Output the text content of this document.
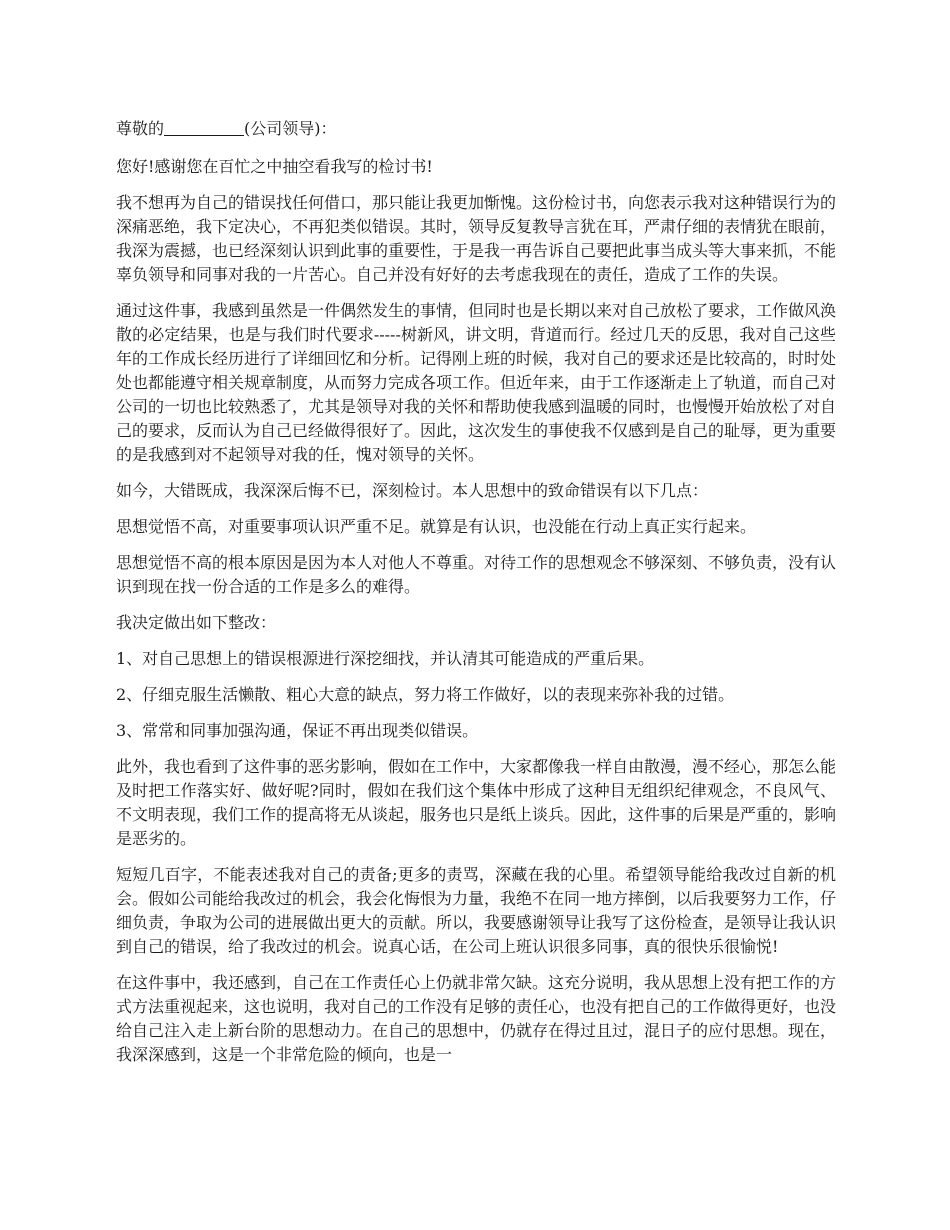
尊敬的	(公司领导)：

您好!感谢您在百忙之中抽空看我写的检讨书!

我不想再为自己的错误找任何借口，那只能让我更加惭愧。这份检讨书，向您表示我对这种错误行为的深痛恶绝，我下定决心，不再犯类似错误。其时，领导反复教导言犹在耳，严肃仔细的表情犹在眼前，我深为震撼，也已经深刻认识到此事的重要性，于是我一再告诉自己要把此事当成头等大事来抓，不能辜负领导和同事对我的一片苦心。自己并没有好好的去考虑我现在的责任，造成了工作的失误。

通过这件事，我感到虽然是一件偶然发生的事情，但同时也是长期以来对自己放松了要求，工作做风涣散的必定结果，也是与我们时代要求-----树新风，讲文明，背道而行。经过几天的反思，我对自己这些年的工作成长经历进行了详细回忆和分析。记得刚上班的时候，我对自己的要求还是比较高的，时时处处也都能遵守相关规章制度，从而努力完成各项工作。但近年来，由于工作逐渐走上了轨道，而自己对公司的一切也比较熟悉了，尤其是领导对我的关怀和帮助使我感到温暖的同时，也慢慢开始放松了对自己的要求，反而认为自己已经做得很好了。因此，这次发生的事使我不仅感到是自己的耻辱，更为重要的是我感到对不起领导对我的任，愧对领导的关怀。

如今，大错既成，我深深后悔不已，深刻检讨。本人思想中的致命错误有以下几点：

思想觉悟不高，对重要事项认识严重不足。就算是有认识，也没能在行动上真正实行起来。

思想觉悟不高的根本原因是因为本人对他人不尊重。对待工作的思想观念不够深刻、不够负责，没有认识到现在找一份合适的工作是多么的难得。

我决定做出如下整改：

1、对自己思想上的错误根源进行深挖细找，并认清其可能造成的严重后果。

2、仔细克服生活懒散、粗心大意的缺点，努力将工作做好，以的表现来弥补我的过错。

3、常常和同事加强沟通，保证不再出现类似错误。

此外，我也看到了这件事的恶劣影响，假如在工作中，大家都像我一样自由散漫，漫不经心，那怎么能及时把工作落实好、做好呢?同时，假如在我们这个集体中形成了这种目无组织纪律观念，不良风气、不文明表现，我们工作的提高将无从谈起，服务也只是纸上谈兵。因此，这件事的后果是严重的，影响是恶劣的。

短短几百字，不能表述我对自己的责备;更多的责骂，深藏在我的心里。希望领导能给我改过自新的机会。假如公司能给我改过的机会，我会化悔恨为力量，我绝不在同一地方摔倒，以后我要努力工作，仔细负责，争取为公司的进展做出更大的贡献。所以，我要感谢领导让我写了这份检查，是领导让我认识到自己的错误，给了我改过的机会。说真心话，在公司上班认识很多同事，真的很快乐很愉悦!

在这件事中，我还感到，自己在工作责任心上仍就非常欠缺。这充分说明，我从思想上没有把工作的方式方法重视起来，这也说明，我对自己的工作没有足够的责任心，也没有把自己的工作做得更好，也没给自己注入走上新台阶的思想动力。在自己的思想中，仍就存在得过且过，混日子的应付思想。现在，我深深感到，这是一个非常危险的倾向，也是一
